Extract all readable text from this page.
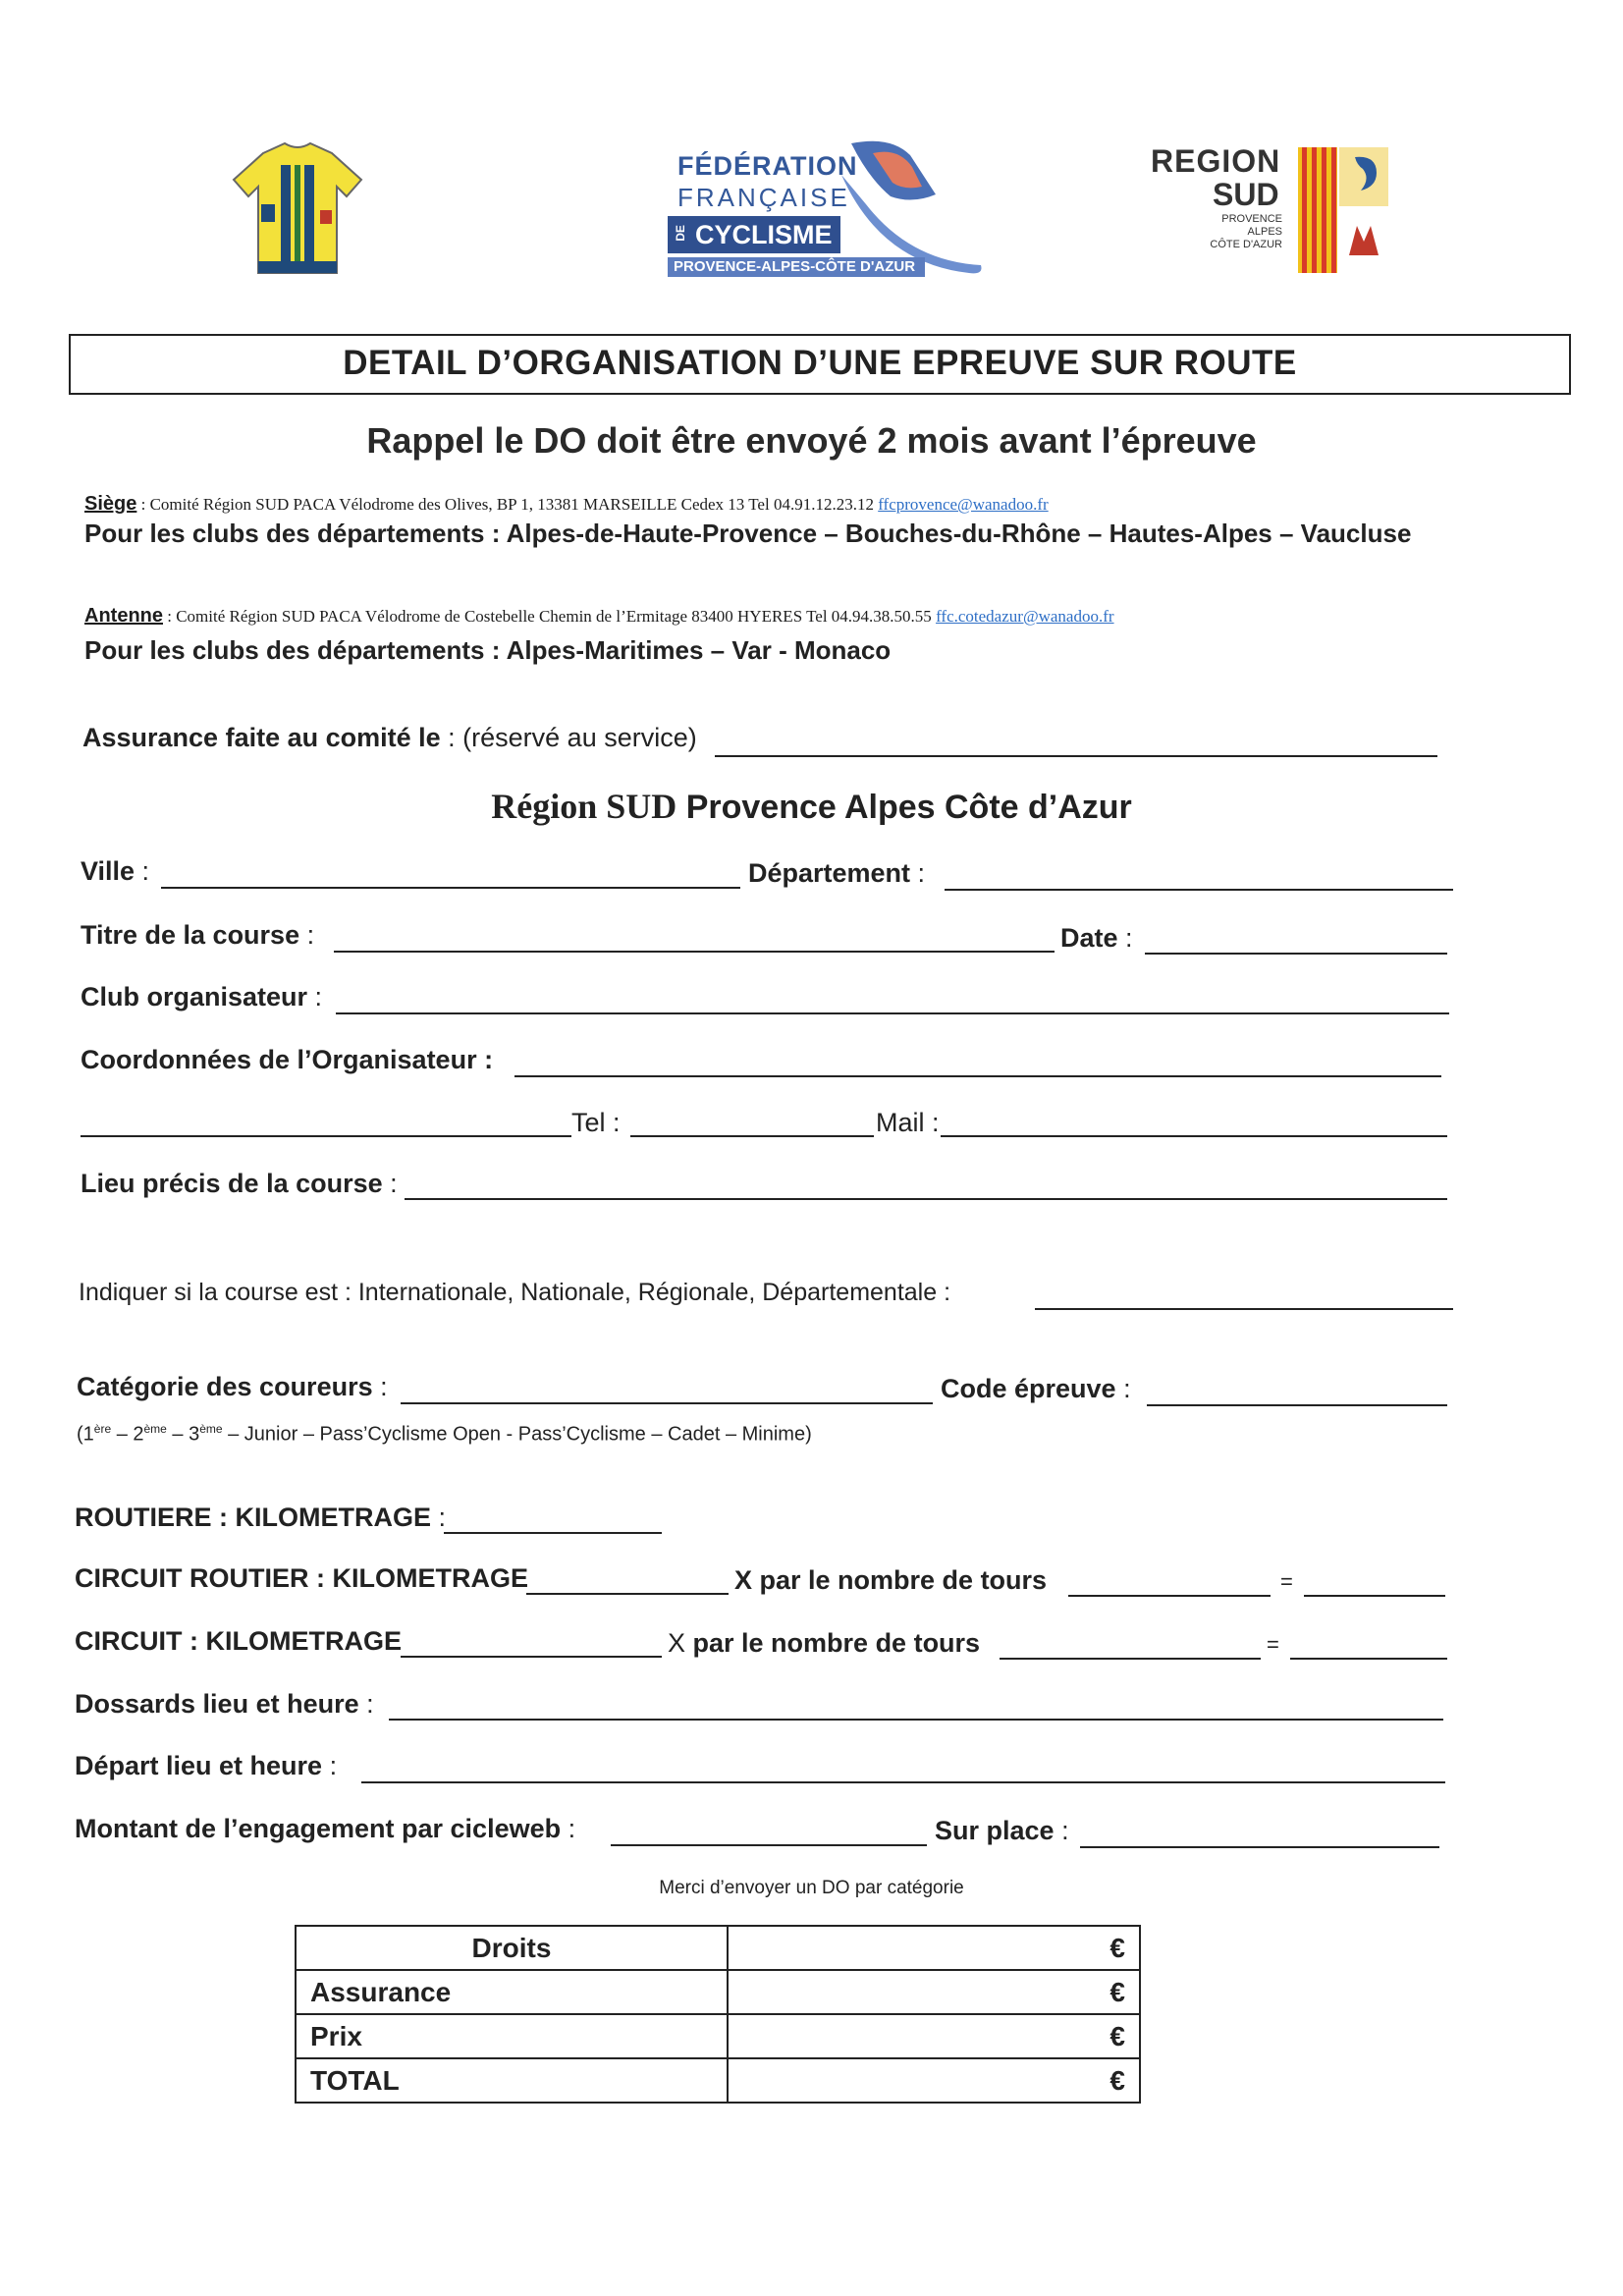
FÉDÉRATION
FRANÇAISE
DE CYCLISME
PROVENCE-ALPES-CÔTE D'AZUR
REGION
SUD
PROVENCE
ALPES
CÔTE D'AZUR
DETAIL D’ORGANISATION D’UNE EPREUVE SUR ROUTE
Rappel le DO doit être envoyé 2 mois avant l’épreuve
Siège : Comité Région SUD PACA Vélodrome des Olives, BP 1, 13381 MARSEILLE Cedex 13 Tel 04.91.12.23.12 ffcprovence@wanadoo.fr
Pour les clubs des départements : Alpes-de-Haute-Provence – Bouches-du-Rhône – Hautes-Alpes – Vaucluse
Antenne : Comité Région SUD PACA Vélodrome de Costebelle Chemin de l’Ermitage 83400 HYERES Tel 04.94.38.50.55 ffc.cotedazur@wanadoo.fr
Pour les clubs des départements : Alpes-Maritimes – Var - Monaco
Assurance faite au comité le : (réservé au service)
Région SUD Provence Alpes Côte d’Azur
Ville :	Département :
Titre de la course :	Date :
Club organisateur :
Coordonnées de l’Organisateur :
Tel :	Mail :
Lieu précis de la course :
Indiquer si la course est : Internationale, Nationale, Régionale, Départementale :
Catégorie des coureurs :	Code épreuve :
(1ère – 2ème – 3ème – Junior – Pass’Cyclisme Open - Pass’Cyclisme – Cadet – Minime)
ROUTIERE : KILOMETRAGE :
CIRCUIT ROUTIER : KILOMETRAGE	X par le nombre de tours	=
CIRCUIT : KILOMETRAGE	X par le nombre de tours	=
Dossards lieu et heure :
Départ lieu et heure :
Montant de l’engagement par cicleweb :	Sur place :
Merci d’envoyer un DO par catégorie
Droits	€
Assurance	€
Prix	€
TOTAL	€
